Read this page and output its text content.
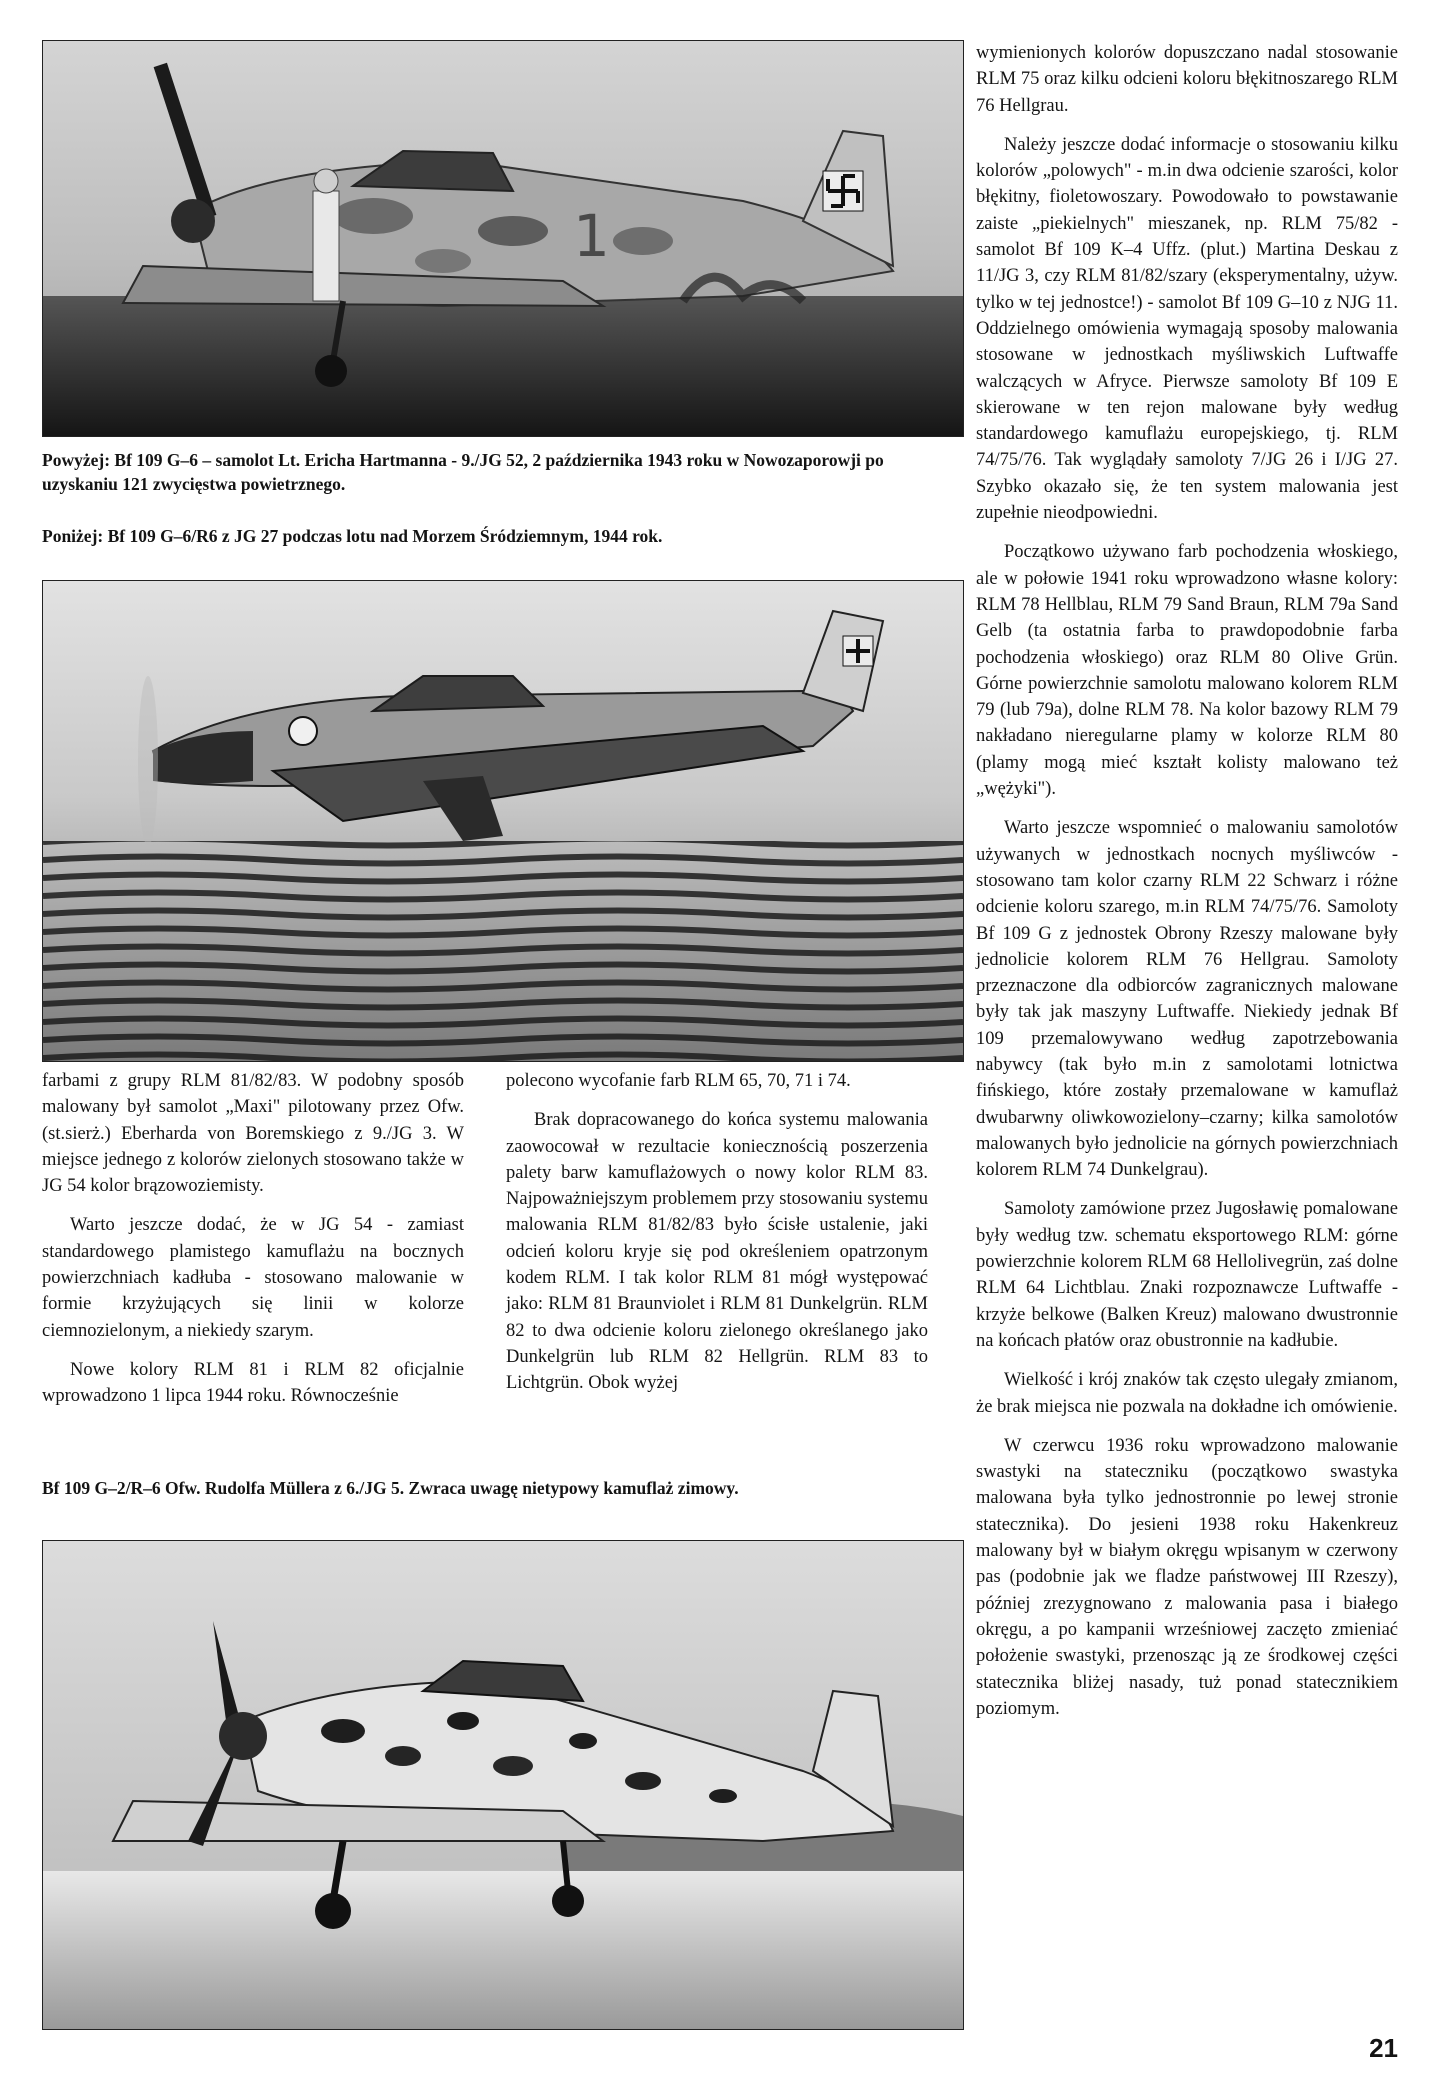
1

Powyżej: Bf 109 G–6 – samolot Lt. Ericha Hartmanna - 9./JG 52, 2 października 1943 roku w Nowozaporowji po uzyskaniu 121 zwycięstwa powietrznego.

Poniżej: Bf 109 G–6/R6 z JG 27 podczas lotu nad Morzem Śródziemnym, 1944 rok.

farbami z grupy RLM 81/82/83. W podobny sposób malowany był samolot „Maxi" pilotowany przez Ofw. (st.sierż.) Eberharda von Boremskiego z 9./JG 3. W miejsce jednego z kolorów zielonych stosowano także w JG 54 kolor brązowoziemisty.

Warto jeszcze dodać, że w JG 54 - zamiast standardowego plamistego kamuflażu na bocznych powierzchniach kadłuba - stosowano malowanie w formie krzyżujących się linii w kolorze ciemnozielonym, a niekiedy szarym.

Nowe kolory RLM 81 i RLM 82 oficjalnie wprowadzono 1 lipca 1944 roku. Równocześnie

polecono wycofanie farb RLM 65, 70, 71 i 74.

Brak dopracowanego do końca systemu malowania zaowocował w rezultacie koniecznością poszerzenia palety barw kamuflażowych o nowy kolor RLM 83. Najpoważniejszym problemem przy stosowaniu systemu malowania RLM 81/82/83 było ścisłe ustalenie, jaki odcień koloru kryje się pod określeniem opatrzonym kodem RLM. I tak kolor RLM 81 mógł występować jako: RLM 81 Braunviolet i RLM 81 Dunkelgrün. RLM 82 to dwa odcienie koloru zielonego określanego jako Dunkelgrün lub RLM 82 Hellgrün. RLM 83 to Lichtgrün. Obok wyżej

Bf 109 G–2/R–6 Ofw. Rudolfa Müllera z 6./JG 5. Zwraca uwagę nietypowy kamuflaż zimowy.

wymienionych kolorów dopuszczano nadal stosowanie RLM 75 oraz kilku odcieni koloru błękitnoszarego RLM 76 Hellgrau.

Należy jeszcze dodać informacje o stosowaniu kilku kolorów „polowych" - m.in dwa odcienie szarości, kolor błękitny, fioletowoszary. Powodowało to powstawanie zaiste „piekielnych" mieszanek, np. RLM 75/82 - samolot Bf 109 K–4 Uffz. (plut.) Martina Deskau z 11/JG 3, czy RLM 81/82/szary (eksperymentalny, używ. tylko w tej jednostce!) - samolot Bf 109 G–10 z NJG 11. Oddzielnego omówienia wymagają sposoby malowania stosowane w jednostkach myśliwskich Luftwaffe walczących w Afryce. Pierwsze samoloty Bf 109 E skierowane w ten rejon malowane były według standardowego kamuflażu europejskiego, tj. RLM 74/75/76. Tak wyglądały samoloty 7/JG 26 i I/JG 27. Szybko okazało się, że ten system malowania jest zupełnie nieodpowiedni.

Początkowo używano farb pochodzenia włoskiego, ale w połowie 1941 roku wprowadzono własne kolory: RLM 78 Hellblau, RLM 79 Sand Braun, RLM 79a Sand Gelb (ta ostatnia farba to prawdopodobnie farba pochodzenia włoskiego) oraz RLM 80 Olive Grün. Górne powierzchnie samolotu malowano kolorem RLM 79 (lub 79a), dolne RLM 78. Na kolor bazowy RLM 79 nakładano nieregularne plamy w kolorze RLM 80 (plamy mogą mieć kształt kolisty malowano też „wężyki").

Warto jeszcze wspomnieć o malowaniu samolotów używanych w jednostkach nocnych myśliwców - stosowano tam kolor czarny RLM 22 Schwarz i różne odcienie koloru szarego, m.in RLM 74/75/76. Samoloty Bf 109 G z jednostek Obrony Rzeszy malowane były jednolicie kolorem RLM 76 Hellgrau. Samoloty przeznaczone dla odbiorców zagranicznych malowane były tak jak maszyny Luftwaffe. Niekiedy jednak Bf 109 przemalowywano według zapotrzebowania nabywcy (tak było m.in z samolotami lotnictwa fińskiego, które zostały przemalowane w kamuflaż dwubarwny oliwkowozielony–czarny; kilka samolotów malowanych było jednolicie na górnych powierzchniach kolorem RLM 74 Dunkelgrau).

Samoloty zamówione przez Jugosławię pomalowane były według tzw. schematu eksportowego RLM: górne powierzchnie kolorem RLM 68 Hellolivegrün, zaś dolne RLM 64 Lichtblau. Znaki rozpoznawcze Luftwaffe - krzyże belkowe (Balken Kreuz) malowano dwustronnie na końcach płatów oraz obustronnie na kadłubie.

Wielkość i krój znaków tak często ulegały zmianom, że brak miejsca nie pozwala na dokładne ich omówienie.

W czerwcu 1936 roku wprowadzono malowanie swastyki na stateczniku (początkowo swastyka malowana była tylko jednostronnie po lewej stronie statecznika). Do jesieni 1938 roku Hakenkreuz malowany był w białym okręgu wpisanym w czerwony pas (podobnie jak we fladze państwowej III Rzeszy), później zrezygnowano z malowania pasa i białego okręgu, a po kampanii wrześniowej zaczęto zmieniać położenie swastyki, przenosząc ją ze środkowej części statecznika bliżej nasady, tuż ponad statecznikiem poziomym.

21
